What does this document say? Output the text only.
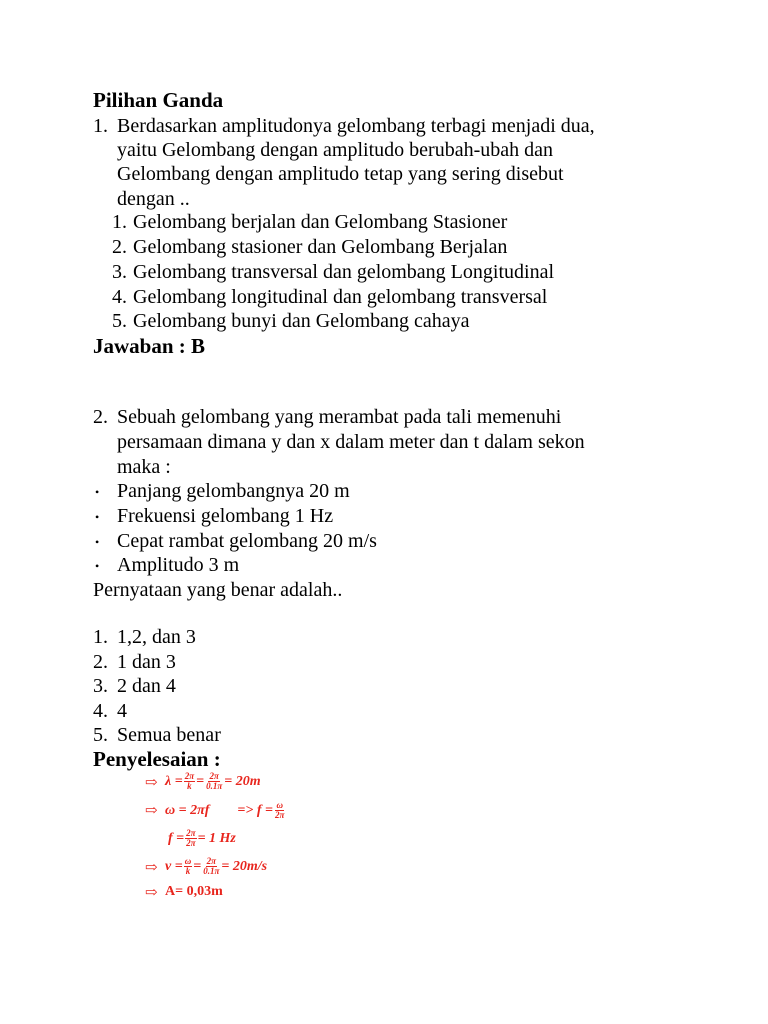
Pilihan Ganda
1. Berdasarkan amplitudonya gelombang terbagi menjadi dua,
yaitu Gelombang dengan amplitudo berubah-ubah dan
Gelombang dengan amplitudo tetap yang sering disebut
dengan ..
1. Gelombang berjalan dan Gelombang Stasioner
2. Gelombang stasioner dan Gelombang Berjalan
3. Gelombang transversal dan gelombang Longitudinal
4. Gelombang longitudinal dan gelombang transversal
5. Gelombang bunyi dan Gelombang cahaya
Jawaban : B
2. Sebuah gelombang yang merambat pada tali memenuhi
persamaan dimana y dan x dalam meter dan t dalam sekon
maka :
• Panjang gelombangnya 20 m
• Frekuensi gelombang 1 Hz
• Cepat rambat gelombang 20 m/s
• Amplitudo 3 m
Pernyataan yang benar adalah..
1. 1,2, dan 3
2. 1 dan 3
3. 2 dan 4
4. 4
5. Semua benar
Penyelesaian :
⇨ $\lambda = \frac{2\pi}{k} = \frac{2\pi}{0.1\pi} = 20m$
⇨ $\omega = 2\pi f => f = \frac{\omega}{2\pi}$
$f = \frac{2\pi}{2\pi} = 1$ Hz
⇨ $\nu = \frac{\omega}{k} = \frac{2\pi}{0.1\pi} = 20m/s$
⇨ A= 0,03m
